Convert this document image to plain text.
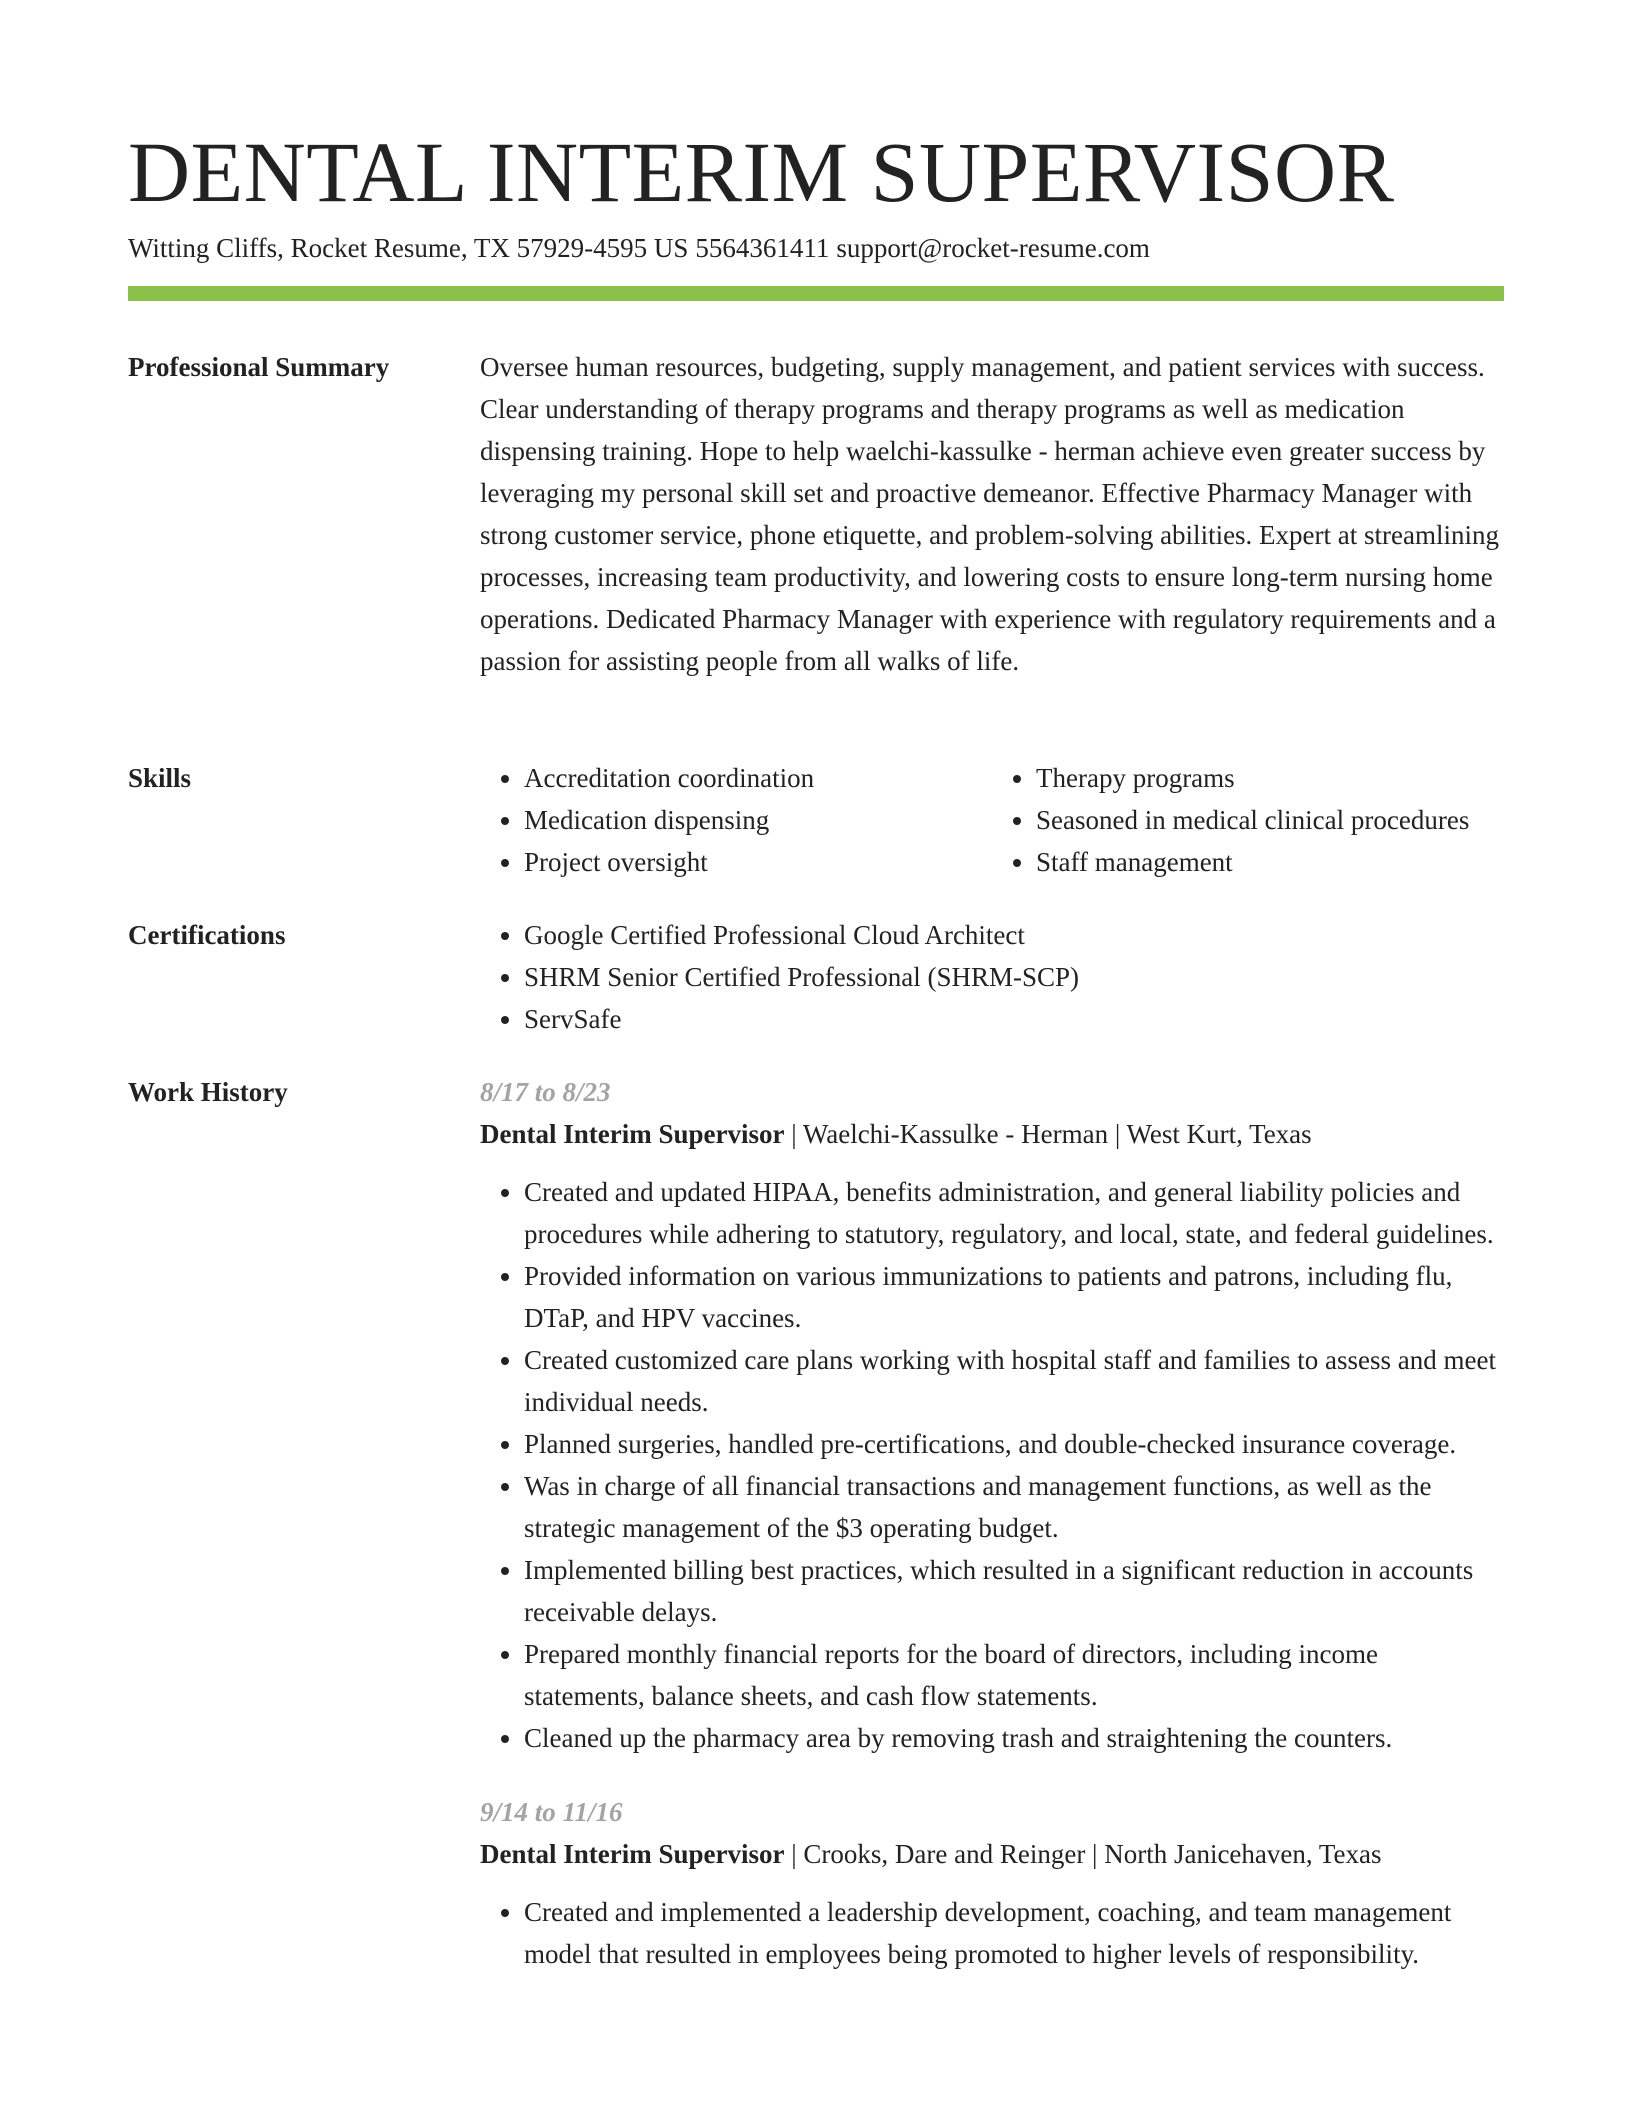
DENTAL INTERIM SUPERVISOR
Witting Cliffs, Rocket Resume, TX 57929-4595 US 5564361411 support@rocket-resume.com
Professional Summary	Oversee human resources, budgeting, supply management, and patient services with success. Clear understanding of therapy programs and therapy programs as well as medication dispensing training. Hope to help waelchi-kassulke - herman achieve even greater success by leveraging my personal skill set and proactive demeanor. Effective Pharmacy Manager with strong customer service, phone etiquette, and problem-solving abilities. Expert at streamlining processes, increasing team productivity, and lowering costs to ensure long-term nursing home operations. Dedicated Pharmacy Manager with experience with regulatory requirements and a passion for assisting people from all walks of life.

Skills	• Accreditation coordination
• Medication dispensing
• Project oversight
• Therapy programs
• Seasoned in medical clinical procedures
• Staff management
Certifications	• Google Certified Professional Cloud Architect
• SHRM Senior Certified Professional (SHRM-SCP)
• ServSafe
Work History	8/17 to 8/23
Dental Interim Supervisor | Waelchi-Kassulke - Herman | West Kurt, Texas
• Created and updated HIPAA, benefits administration, and general liability policies and procedures while adhering to statutory, regulatory, and local, state, and federal guidelines.
• Provided information on various immunizations to patients and patrons, including flu, DTaP, and HPV vaccines.
• Created customized care plans working with hospital staff and families to assess and meet individual needs.
• Planned surgeries, handled pre-certifications, and double-checked insurance coverage.
• Was in charge of all financial transactions and management functions, as well as the strategic management of the $3 operating budget.
• Implemented billing best practices, which resulted in a significant reduction in accounts receivable delays.
• Prepared monthly financial reports for the board of directors, including income statements, balance sheets, and cash flow statements.
• Cleaned up the pharmacy area by removing trash and straightening the counters.
9/14 to 11/16
Dental Interim Supervisor | Crooks, Dare and Reinger | North Janicehaven, Texas
• Created and implemented a leadership development, coaching, and team management model that resulted in employees being promoted to higher levels of responsibility.
